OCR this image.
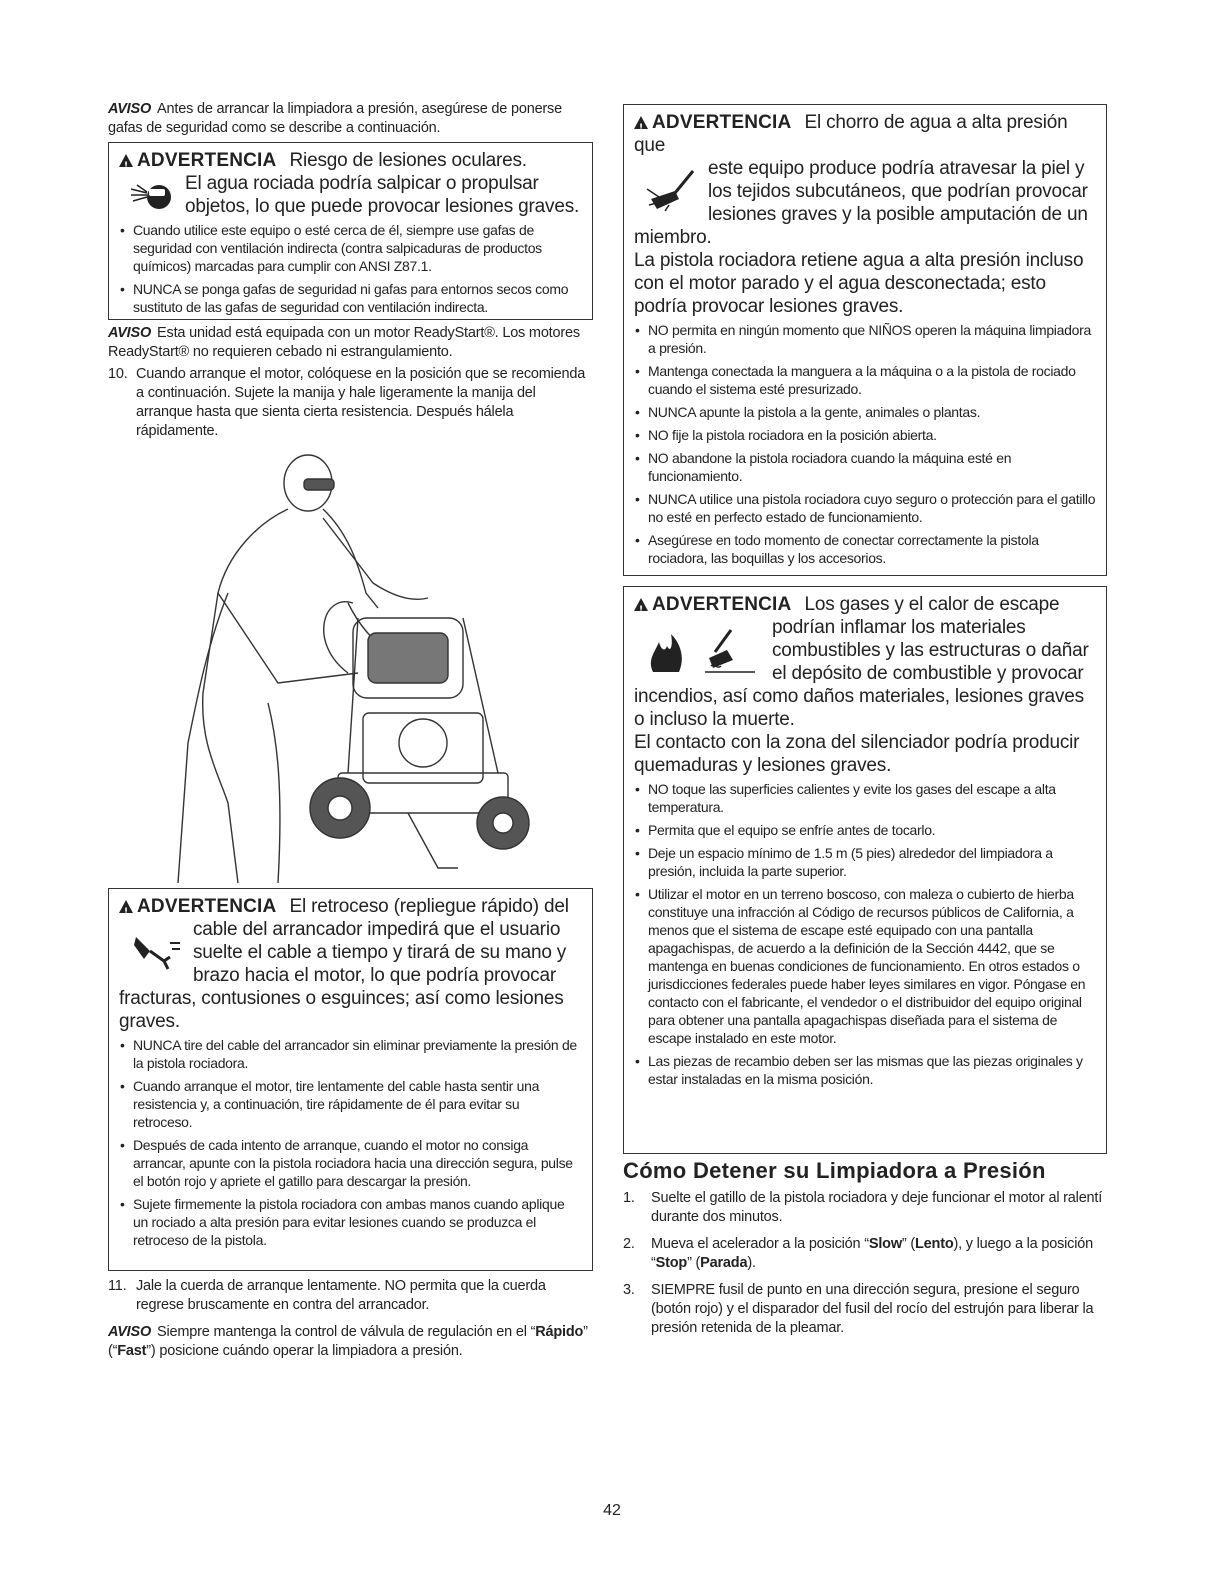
AVISO Antes de arrancar la limpiadora a presión, asegúrese de ponerse gafas de seguridad como se describe a continuación.

!ADVERTENCIA Riesgo de lesiones oculares.
El agua rociada podría salpicar o propulsar
objetos, lo que puede provocar lesiones graves.
• Cuando utilice este equipo o esté cerca de él, siempre use gafas de seguridad con ventilación indirecta (contra salpicaduras de productos químicos) marcadas para cumplir con ANSI Z87.1.
• NUNCA se ponga gafas de seguridad ni gafas para entornos secos como sustituto de las gafas de seguridad con ventilación indirecta.

AVISO Esta unidad está equipada con un motor ReadyStart®. Los motores ReadyStart® no requieren cebado ni estrangulamiento.

10. Cuando arranque el motor, colóquese en la posición que se recomienda a continuación. Sujete la manija y hale ligeramente la manija del arranque hasta que sienta cierta resistencia. Después hálela rápidamente.
!ADVERTENCIA El retroceso (repliegue rápido) del
cable del arrancador impedirá que el usuario
suelte el cable a tiempo y tirará de su mano y
brazo hacia el motor, lo que podría provocar

fracturas, contusiones o esguinces; así como lesiones graves.

• NUNCA tire del cable del arrancador sin eliminar previamente la presión de la pistola rociadora.
• Cuando arranque el motor, tire lentamente del cable hasta sentir una resistencia y, a continuación, tire rápidamente de él para evitar su retroceso.
• Después de cada intento de arranque, cuando el motor no consiga arrancar, apunte con la pistola rociadora hacia una dirección segura, pulse el botón rojo y apriete el gatillo para descargar la presión.
• Sujete firmemente la pistola rociadora con ambas manos cuando aplique un rociado a alta presión para evitar lesiones cuando se produzca el retroceso de la pistola.
11. Jale la cuerda de arranque lentamente. NO permita que la cuerda regrese bruscamente en contra del arrancador.

AVISO Siempre mantenga la control de válvula de regulación en el “Rápido” (“Fast”) posicione cuándo operar la limpiadora a presión.

!ADVERTENCIA El chorro de agua a alta presión que
este equipo produce podría atravesar la piel y
los tejidos subcutáneos, que podrían provocar
lesiones graves y la posible amputación de un

miembro.

La pistola rociadora retiene agua a alta presión incluso con el motor parado y el agua desconectada; esto podría provocar lesiones graves.

• NO permita en ningún momento que NIÑOS operen la máquina limpiadora a presión.
• Mantenga conectada la manguera a la máquina o a la pistola de rociado cuando el sistema esté presurizado.
• NUNCA apunte la pistola a la gente, animales o plantas.
• NO fije la pistola rociadora en la posición abierta.
• NO abandone la pistola rociadora cuando la máquina esté en funcionamiento.
• NUNCA utilice una pistola rociadora cuyo seguro o protección para el gatillo no esté en perfecto estado de funcionamiento.
• Asegúrese en todo momento de conectar correctamente la pistola rociadora, las boquillas y los accesorios.
!ADVERTENCIA Los gases y el calor de escape
podrían inflamar los materiales
combustibles y las estructuras o dañar
el depósito de combustible y provocar

incendios, así como daños materiales, lesiones graves o incluso la muerte.

El contacto con la zona del silenciador podría producir quemaduras y lesiones graves.

• NO toque las superficies calientes y evite los gases del escape a alta temperatura.
• Permita que el equipo se enfríe antes de tocarlo.
• Deje un espacio mínimo de 1.5 m (5 pies) alrededor del limpiadora a presión, incluida la parte superior.
• Utilizar el motor en un terreno boscoso, con maleza o cubierto de hierba constituye una infracción al Código de recursos públicos de California, a menos que el sistema de escape esté equipado con una pantalla apagachispas, de acuerdo a la definición de la Sección 4442, que se mantenga en buenas condiciones de funcionamiento. En otros estados o jurisdicciones federales puede haber leyes similares en vigor. Póngase en contacto con el fabricante, el vendedor o el distribuidor del equipo original para obtener una pantalla apagachispas diseñada para el sistema de escape instalado en este motor.
• Las piezas de recambio deben ser las mismas que las piezas originales y estar instaladas en la misma posición.
Cómo Detener su Limpiadora a Presión
1. Suelte el gatillo de la pistola rociadora y deje funcionar el motor al ralentí durante dos minutos.
2. Mueva el acelerador a la posición “Slow” (Lento), y luego a la posición “Stop” (Parada).
3. SIEMPRE fusil de punto en una dirección segura, presione el seguro (botón rojo) y el disparador del fusil del rocío del estrujón para liberar la presión retenida de la pleamar.
42
